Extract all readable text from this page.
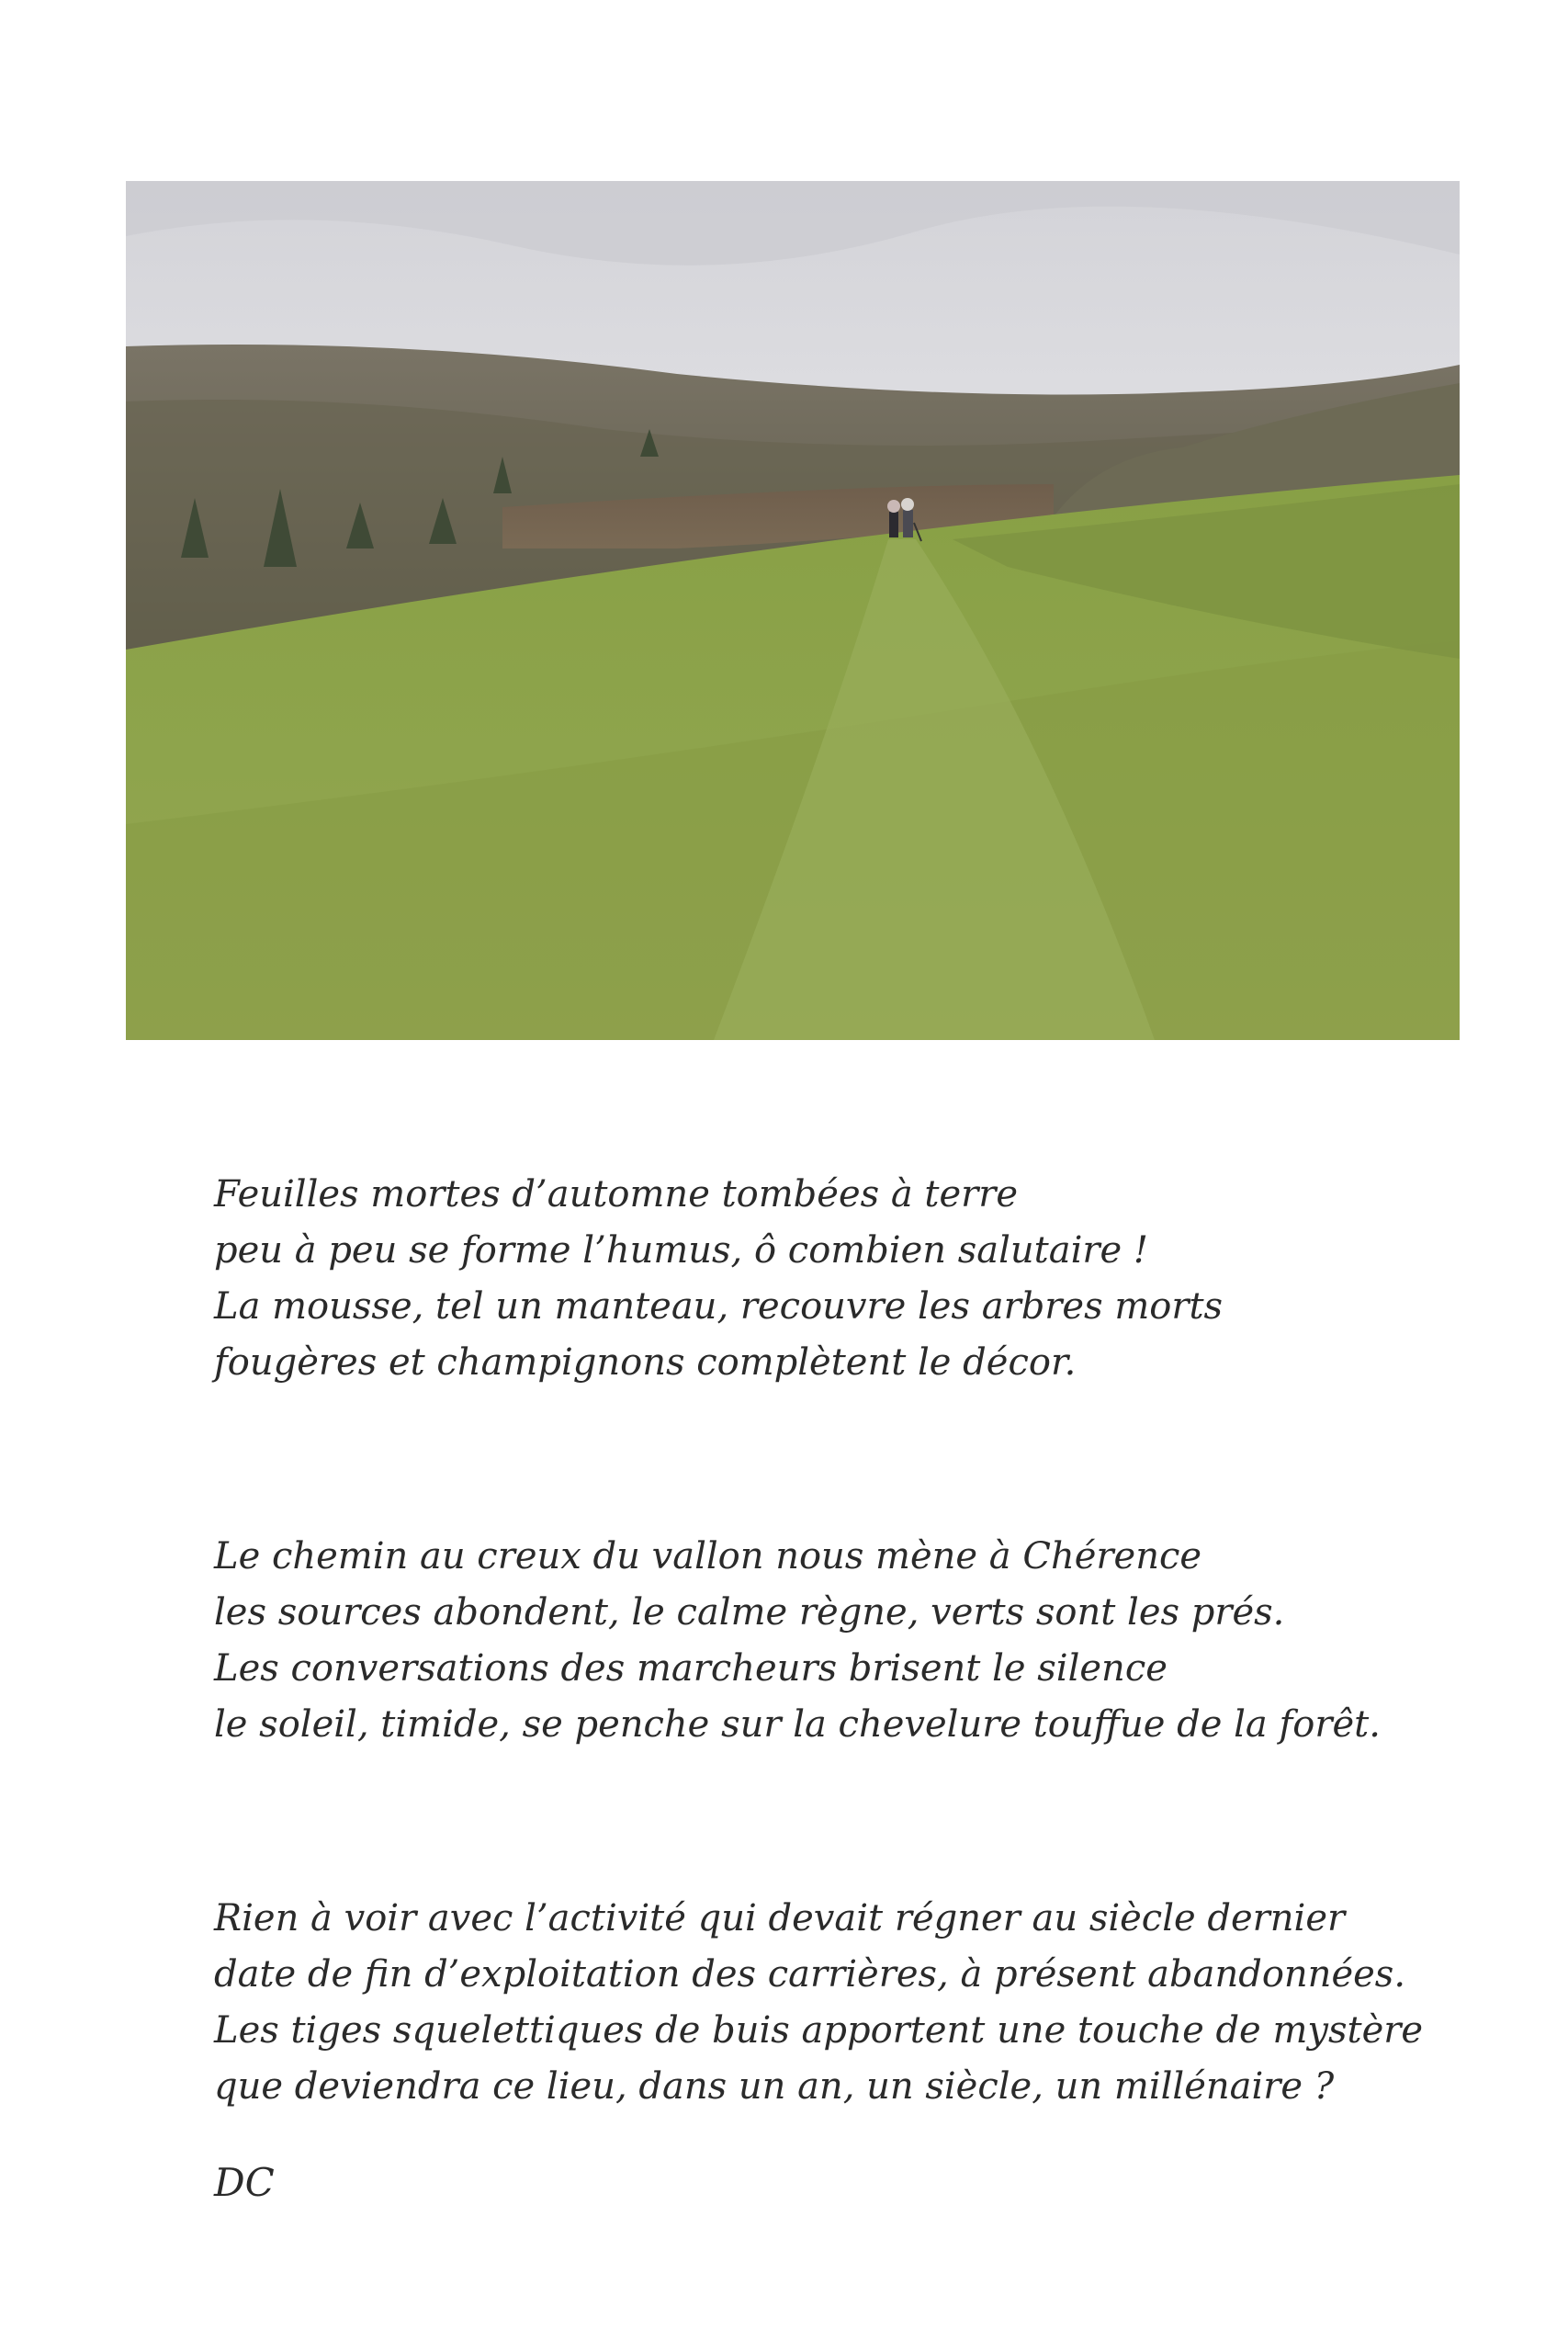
Feuilles mortes d’automne tombées à terre
peu à peu se forme l’humus, ô combien salutaire !
La mousse, tel un manteau, recouvre les arbres morts
fougères et champignons complètent le décor.

Le chemin au creux du vallon nous mène à Chérence
les sources abondent, le calme règne, verts sont les prés.
Les conversations des marcheurs brisent le silence
le soleil, timide, se penche sur la chevelure touffue de la forêt.

Rien à voir avec l’activité qui devait régner au siècle dernier
date de fin d’exploitation des carrières, à présent abandonnées.
Les tiges squelettiques de buis apportent une touche de mystère
que deviendra ce lieu, dans un an, un siècle, un millénaire ?

DC
